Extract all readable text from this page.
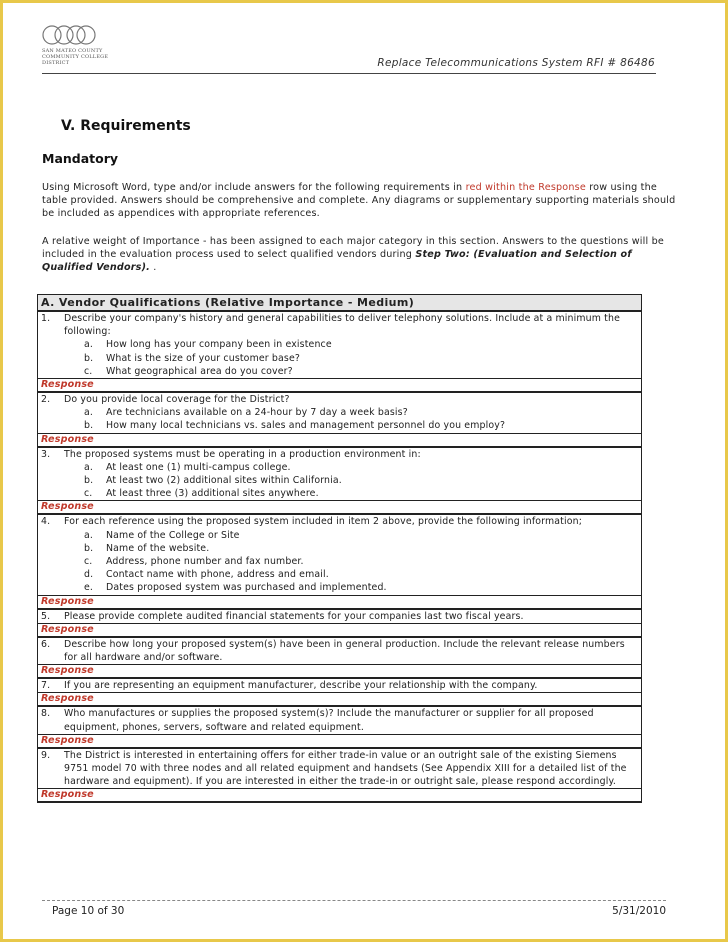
SAN MATEO COUNTY
COMMUNITY COLLEGE DISTRICT	Replace Telecommunications System RFI # 86486
V. Requirements
Mandatory
Using Microsoft Word, type and/or include answers for the following requirements in red within the Response row using the table provided. Answers should be comprehensive and complete. Any diagrams or supplementary supporting materials should be included as appendices with appropriate references.
A relative weight of Importance - has been assigned to each major category in this section. Answers to the questions will be included in the evaluation process used to select qualified vendors during Step Two: (Evaluation and Selection of Qualified Vendors). .
A. Vendor Qualifications (Relative Importance - Medium)

1.	Describe your company's history and general capabilities to deliver telephony solutions. Include at a minimum the following:
a.	How long has your company been in existence
b.	What is the size of your customer base?
c.	What geographical area do you cover?

Response

2.	Do you provide local coverage for the District?
a.	Are technicians available on a 24-hour by 7 day a week basis?
b.	How many local technicians vs. sales and management personnel do you employ?

Response

3.	The proposed systems must be operating in a production environment in:
a.	At least one (1) multi-campus college.
b.	At least two (2) additional sites within California.
c.	At least three (3) additional sites anywhere.

Response

4.	For each reference using the proposed system included in item 2 above, provide the following information;
a.	Name of the College or Site
b.	Name of the website.
c.	Address, phone number and fax number.
d.	Contact name with phone, address and email.
e.	Dates proposed system was purchased and implemented.

Response

5.	Please provide complete audited financial statements for your companies last two fiscal years.

Response

6.	Describe how long your proposed system(s) have been in general production. Include the relevant release numbers for all hardware and/or software.

Response

7.	If you are representing an equipment manufacturer, describe your relationship with the company.

Response

8.	Who manufactures or supplies the proposed system(s)? Include the manufacturer or supplier for all proposed equipment, phones, servers, software and related equipment.

Response

9.	The District is interested in entertaining offers for either trade-in value or an outright sale of the existing Siemens 9751 model 70 with three nodes and all related equipment and handsets (See Appendix XIII for a detailed list of the hardware and equipment). If you are interested in either the trade-in or outright sale, please respond accordingly.

Response
Page 10 of 30	5/31/2010
